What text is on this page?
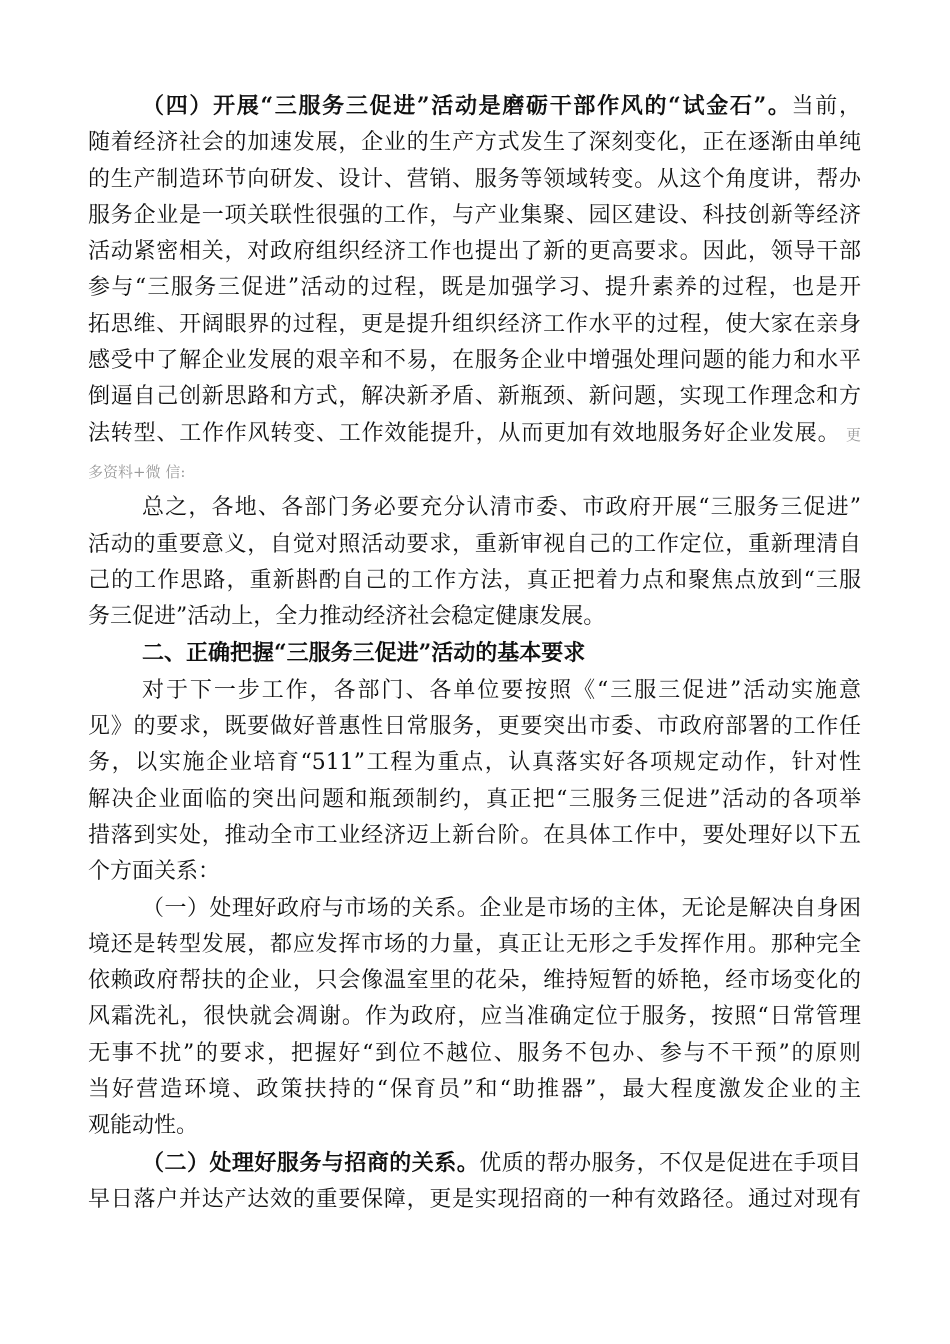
（四）开展“三服务三促进”活动是磨砺干部作风的“试金石”。当前，
随着经济社会的加速发展，企业的生产方式发生了深刻变化，正在逐渐由单纯
的生产制造环节向研发、设计、营销、服务等领域转变。从这个角度讲，帮办
服务企业是一项关联性很强的工作，与产业集聚、园区建设、科技创新等经济
活动紧密相关，对政府组织经济工作也提出了新的更高要求。因此，领导干部
参与“三服务三促进”活动的过程，既是加强学习、提升素养的过程，也是开
拓思维、开阔眼界的过程，更是提升组织经济工作水平的过程，使大家在亲身
感受中了解企业发展的艰辛和不易，在服务企业中增强处理问题的能力和水平
倒逼自己创新思路和方式，解决新矛盾、新瓶颈、新问题，实现工作理念和方
法转型、工作作风转变、工作效能提升，从而更加有效地服务好企业发展。 更
多资料+微 信:
总之，各地、各部门务必要充分认清市委、市政府开展“三服务三促进”
活动的重要意义，自觉对照活动要求，重新审视自己的工作定位，重新理清自
己的工作思路，重新斟酌自己的工作方法，真正把着力点和聚焦点放到“三服
务三促进”活动上，全力推动经济社会稳定健康发展。
二、正确把握“三服务三促进”活动的基本要求
对于下一步工作，各部门、各单位要按照《“三服三促进”活动实施意
见》的要求，既要做好普惠性日常服务，更要突出市委、市政府部署的工作任
务，以实施企业培育“511”工程为重点，认真落实好各项规定动作，针对性
解决企业面临的突出问题和瓶颈制约，真正把“三服务三促进”活动的各项举
措落到实处，推动全市工业经济迈上新台阶。在具体工作中，要处理好以下五
个方面关系：
（一）处理好政府与市场的关系。企业是市场的主体，无论是解决自身困
境还是转型发展，都应发挥市场的力量，真正让无形之手发挥作用。那种完全
依赖政府帮扶的企业，只会像温室里的花朵，维持短暂的娇艳，经市场变化的
风霜洗礼，很快就会凋谢。作为政府，应当准确定位于服务，按照“日常管理
无事不扰”的要求，把握好“到位不越位、服务不包办、参与不干预”的原则
当好营造环境、政策扶持的“保育员”和“助推器”，最大程度激发企业的主
观能动性。
（二）处理好服务与招商的关系。优质的帮办服务，不仅是促进在手项目
早日落户并达产达效的重要保障，更是实现招商的一种有效路径。通过对现有
